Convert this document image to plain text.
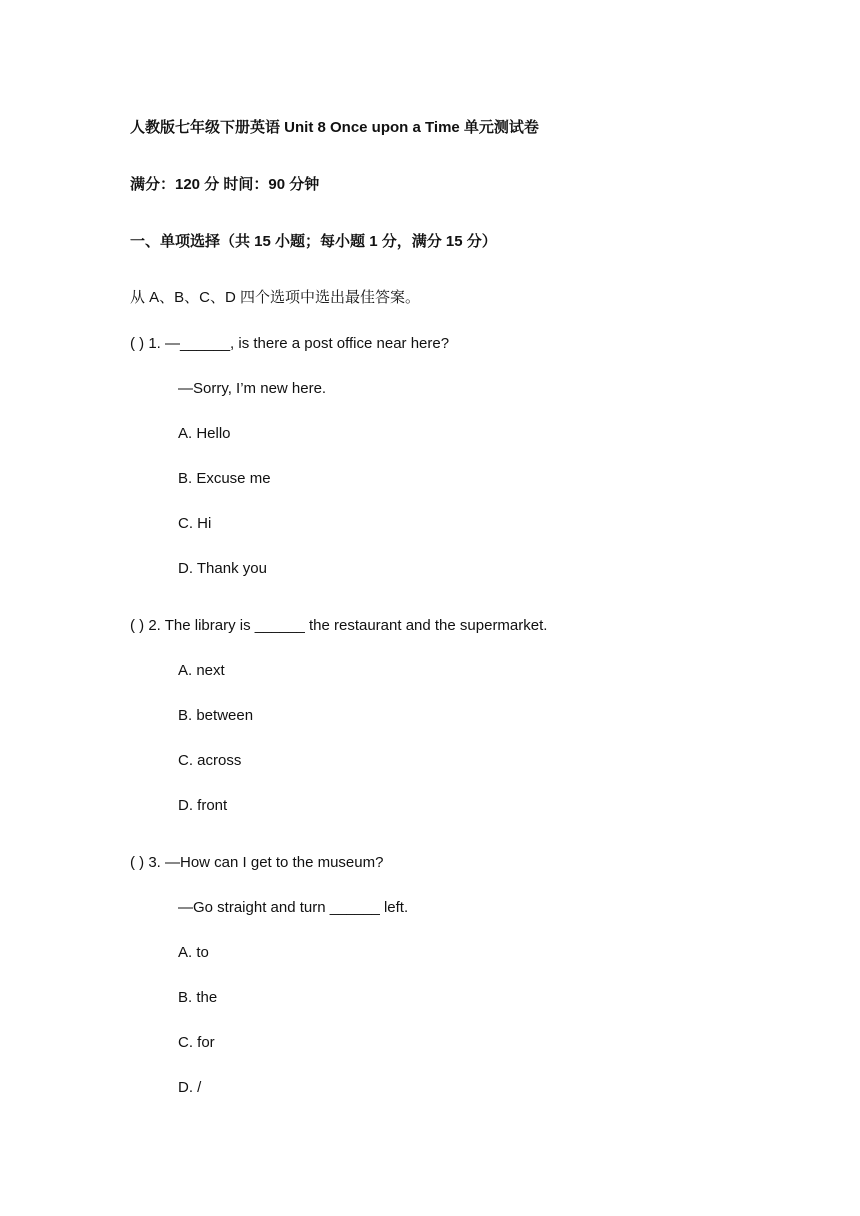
人教版七年级下册英语 Unit 8 Once upon a Time 单元测试卷
满分：120 分 时间：90 分钟
一、单项选择（共 15 小题；每小题 1 分，满分 15 分）
从 A、B、C、D 四个选项中选出最佳答案。
( ) 1. —______, is there a post office near here?
—Sorry, I’m new here.
A. Hello
B. Excuse me
C. Hi
D. Thank you
( ) 2. The library is ______ the restaurant and the supermarket.
A. next
B. between
C. across
D. front
( ) 3. —How can I get to the museum?
—Go straight and turn ______ left.
A. to
B. the
C. for
D. /
